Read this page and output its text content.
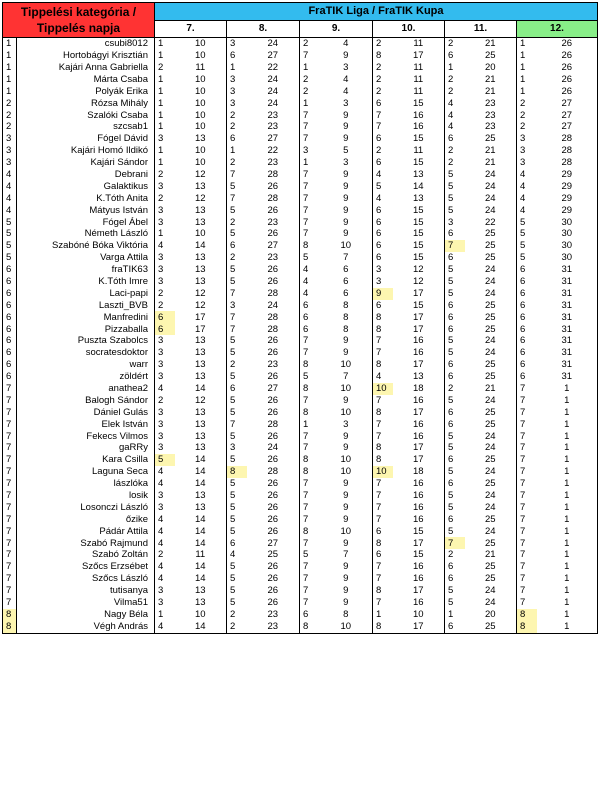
Tippelési kategória /
Tippelés napja		FraTIK Liga / FraTIK Kupa											
		7.		8.		9.		10.		11.		12.	
1	csubi8012	1	10	3	24	2	4	2	11	2	21	1	26
1	Hortobágyi Krisztián	1	10	6	27	7	9	8	17	6	25	1	26
1	Kajári Anna Gabriella	2	11	1	22	1	3	2	11	1	20	1	26
1	Márta Csaba	1	10	3	24	2	4	2	11	2	21	1	26
1	Polyák Erika	1	10	3	24	2	4	2	11	2	21	1	26
2	Rózsa Mihály	1	10	3	24	1	3	6	15	4	23	2	27
2	Szalóki Csaba	1	10	2	23	7	9	7	16	4	23	2	27
2	szcsab1	1	10	2	23	7	9	7	16	4	23	2	27
3	Fógel Dávid	3	13	6	27	7	9	6	15	6	25	3	28
3	Kajári Homó Ildikó	1	10	1	22	3	5	2	11	2	21	3	28
3	Kajári Sándor	1	10	2	23	1	3	6	15	2	21	3	28
4	Debrani	2	12	7	28	7	9	4	13	5	24	4	29
4	Galaktikus	3	13	5	26	7	9	5	14	5	24	4	29
4	K.Tóth Anita	2	12	7	28	7	9	4	13	5	24	4	29
4	Mátyus István	3	13	5	26	7	9	6	15	5	24	4	29
5	Fógel Ábel	3	13	2	23	7	9	6	15	3	22	5	30
5	Németh László	1	10	5	26	7	9	6	15	6	25	5	30
5	Szabóné Bóka Viktória	4	14	6	27	8	10	6	15	7	25	5	30
5	Varga Attila	3	13	2	23	5	7	6	15	6	25	5	30
6	fraTIK63	3	13	5	26	4	6	3	12	5	24	6	31
6	K.Tóth Imre	3	13	5	26	4	6	3	12	5	24	6	31
6	Laci-papi	2	12	7	28	4	6	9	17	5	24	6	31
6	Laszti_BVB	2	12	3	24	6	8	6	15	6	25	6	31
6	Manfredini	6	17	7	28	6	8	8	17	6	25	6	31
6	Pizzaballa	6	17	7	28	6	8	8	17	6	25	6	31
6	Puszta Szabolcs	3	13	5	26	7	9	7	16	5	24	6	31
6	socratesdoktor	3	13	5	26	7	9	7	16	5	24	6	31
6	warr	3	13	2	23	8	10	8	17	6	25	6	31
6	zöldért	3	13	5	26	5	7	4	13	6	25	6	31
7	anathea2	4	14	6	27	8	10	10	18	2	21	7	1
7	Balogh Sándor	2	12	5	26	7	9	7	16	5	24	7	1
7	Dániel Gulás	3	13	5	26	8	10	8	17	6	25	7	1
7	Elek István	3	13	7	28	1	3	7	16	6	25	7	1
7	Fekecs Vilmos	3	13	5	26	7	9	7	16	5	24	7	1
7	gaRRy	3	13	3	24	7	9	8	17	5	24	7	1
7	Kara Csilla	5	14	5	26	8	10	8	17	6	25	7	1
7	Laguna Seca	4	14	8	28	8	10	10	18	5	24	7	1
7	lászlóka	4	14	5	26	7	9	7	16	6	25	7	1
7	losik	3	13	5	26	7	9	7	16	5	24	7	1
7	Losonczi László	3	13	5	26	7	9	7	16	5	24	7	1
7	őzike	4	14	5	26	7	9	7	16	6	25	7	1
7	Pádár Attila	4	14	5	26	8	10	6	15	5	24	7	1
7	Szabó Rajmund	4	14	6	27	7	9	8	17	7	25	7	1
7	Szabó Zoltán	2	11	4	25	5	7	6	15	2	21	7	1
7	Szőcs Erzsébet	4	14	5	26	7	9	7	16	6	25	7	1
7	Szőcs László	4	14	5	26	7	9	7	16	6	25	7	1
7	tutisanya	3	13	5	26	7	9	8	17	5	24	7	1
7	Vilma51	3	13	5	26	7	9	7	16	5	24	7	1
8	Nagy Béla	1	10	2	23	6	8	1	10	1	20	8	1
8	Végh András	4	14	2	23	8	10	8	17	6	25	8	1
